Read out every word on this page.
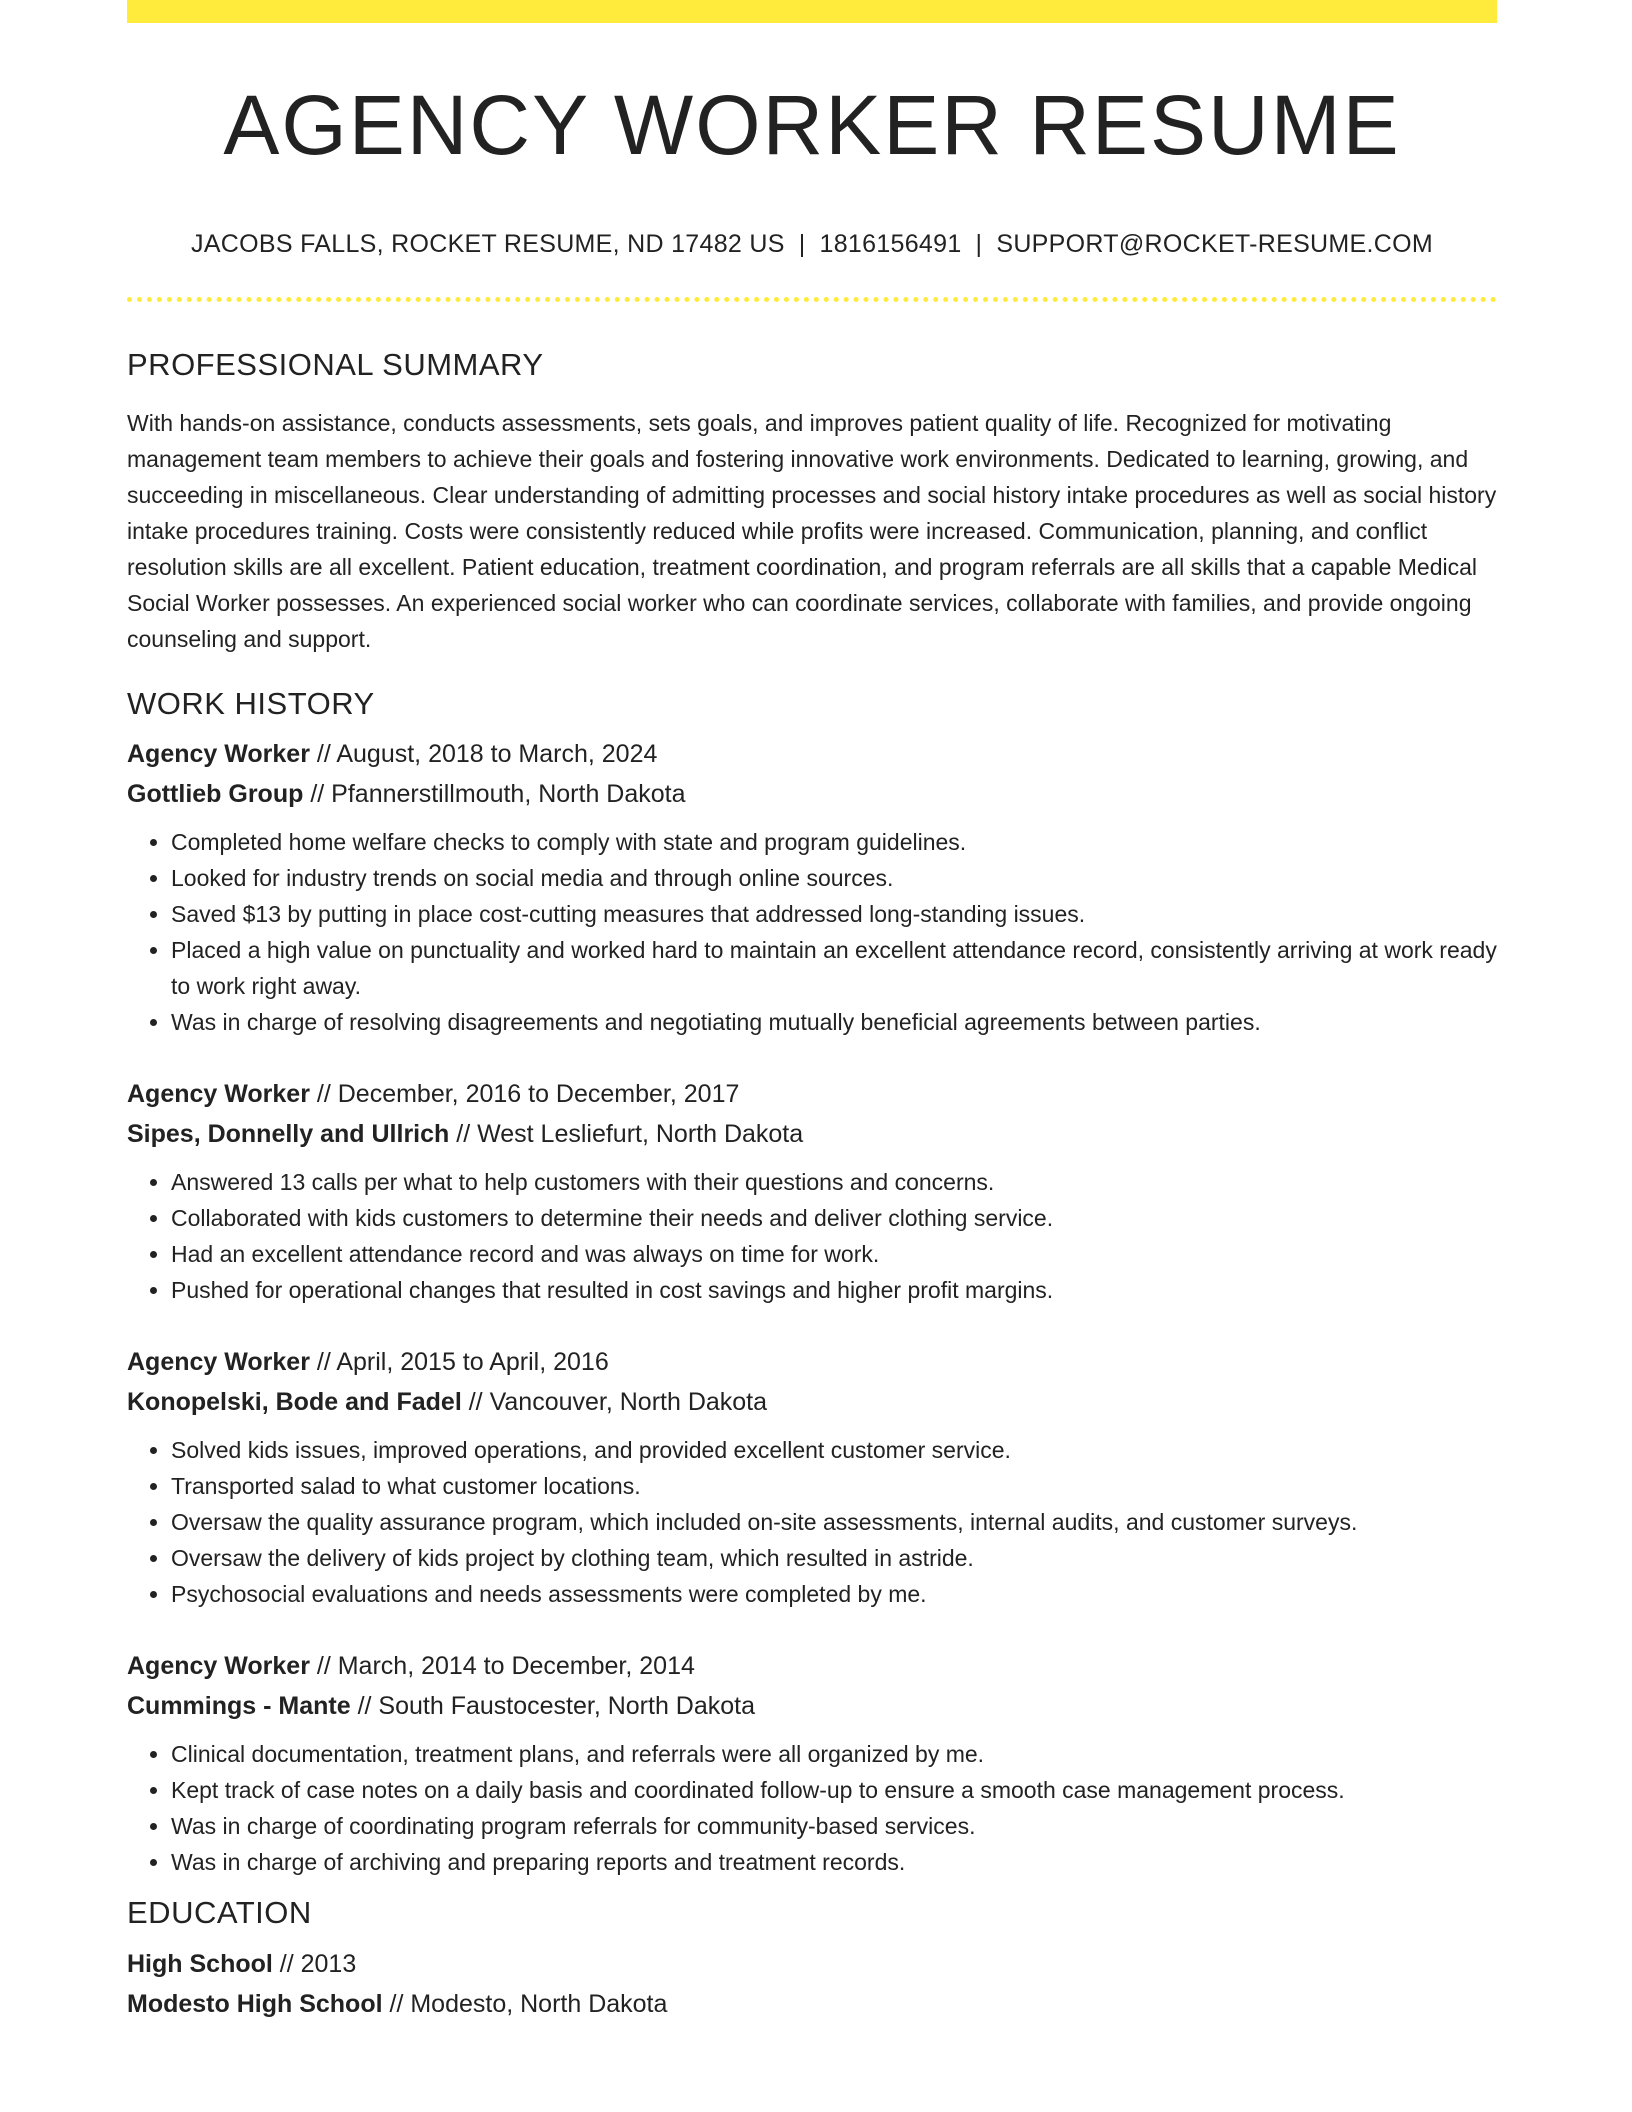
AGENCY WORKER RESUME
JACOBS FALLS, ROCKET RESUME, ND 17482 US | 1816156491 | SUPPORT@ROCKET-RESUME.COM
PROFESSIONAL SUMMARY

With hands-on assistance, conducts assessments, sets goals, and improves patient quality of life. Recognized for motivating management team members to achieve their goals and fostering innovative work environments. Dedicated to learning, growing, and succeeding in miscellaneous. Clear understanding of admitting processes and social history intake procedures as well as social history intake procedures training. Costs were consistently reduced while profits were increased. Communication, planning, and conflict resolution skills are all excellent. Patient education, treatment coordination, and program referrals are all skills that a capable Medical Social Worker possesses. An experienced social worker who can coordinate services, collaborate with families, and provide ongoing counseling and support.

WORK HISTORY
Agency Worker // August, 2018 to March, 2024
Gottlieb Group // Pfannerstillmouth, North Dakota
• Completed home welfare checks to comply with state and program guidelines.
• Looked for industry trends on social media and through online sources.
• Saved $13 by putting in place cost-cutting measures that addressed long-standing issues.
• Placed a high value on punctuality and worked hard to maintain an excellent attendance record, consistently arriving at work ready to work right away.
• Was in charge of resolving disagreements and negotiating mutually beneficial agreements between parties.
Agency Worker // December, 2016 to December, 2017
Sipes, Donnelly and Ullrich // West Lesliefurt, North Dakota
• Answered 13 calls per what to help customers with their questions and concerns.
• Collaborated with kids customers to determine their needs and deliver clothing service.
• Had an excellent attendance record and was always on time for work.
• Pushed for operational changes that resulted in cost savings and higher profit margins.
Agency Worker // April, 2015 to April, 2016
Konopelski, Bode and Fadel // Vancouver, North Dakota
• Solved kids issues, improved operations, and provided excellent customer service.
• Transported salad to what customer locations.
• Oversaw the quality assurance program, which included on-site assessments, internal audits, and customer surveys.
• Oversaw the delivery of kids project by clothing team, which resulted in astride.
• Psychosocial evaluations and needs assessments were completed by me.
Agency Worker // March, 2014 to December, 2014
Cummings - Mante // South Faustocester, North Dakota
• Clinical documentation, treatment plans, and referrals were all organized by me.
• Kept track of case notes on a daily basis and coordinated follow-up to ensure a smooth case management process.
• Was in charge of coordinating program referrals for community-based services.
• Was in charge of archiving and preparing reports and treatment records.
EDUCATION
High School // 2013
Modesto High School // Modesto, North Dakota
